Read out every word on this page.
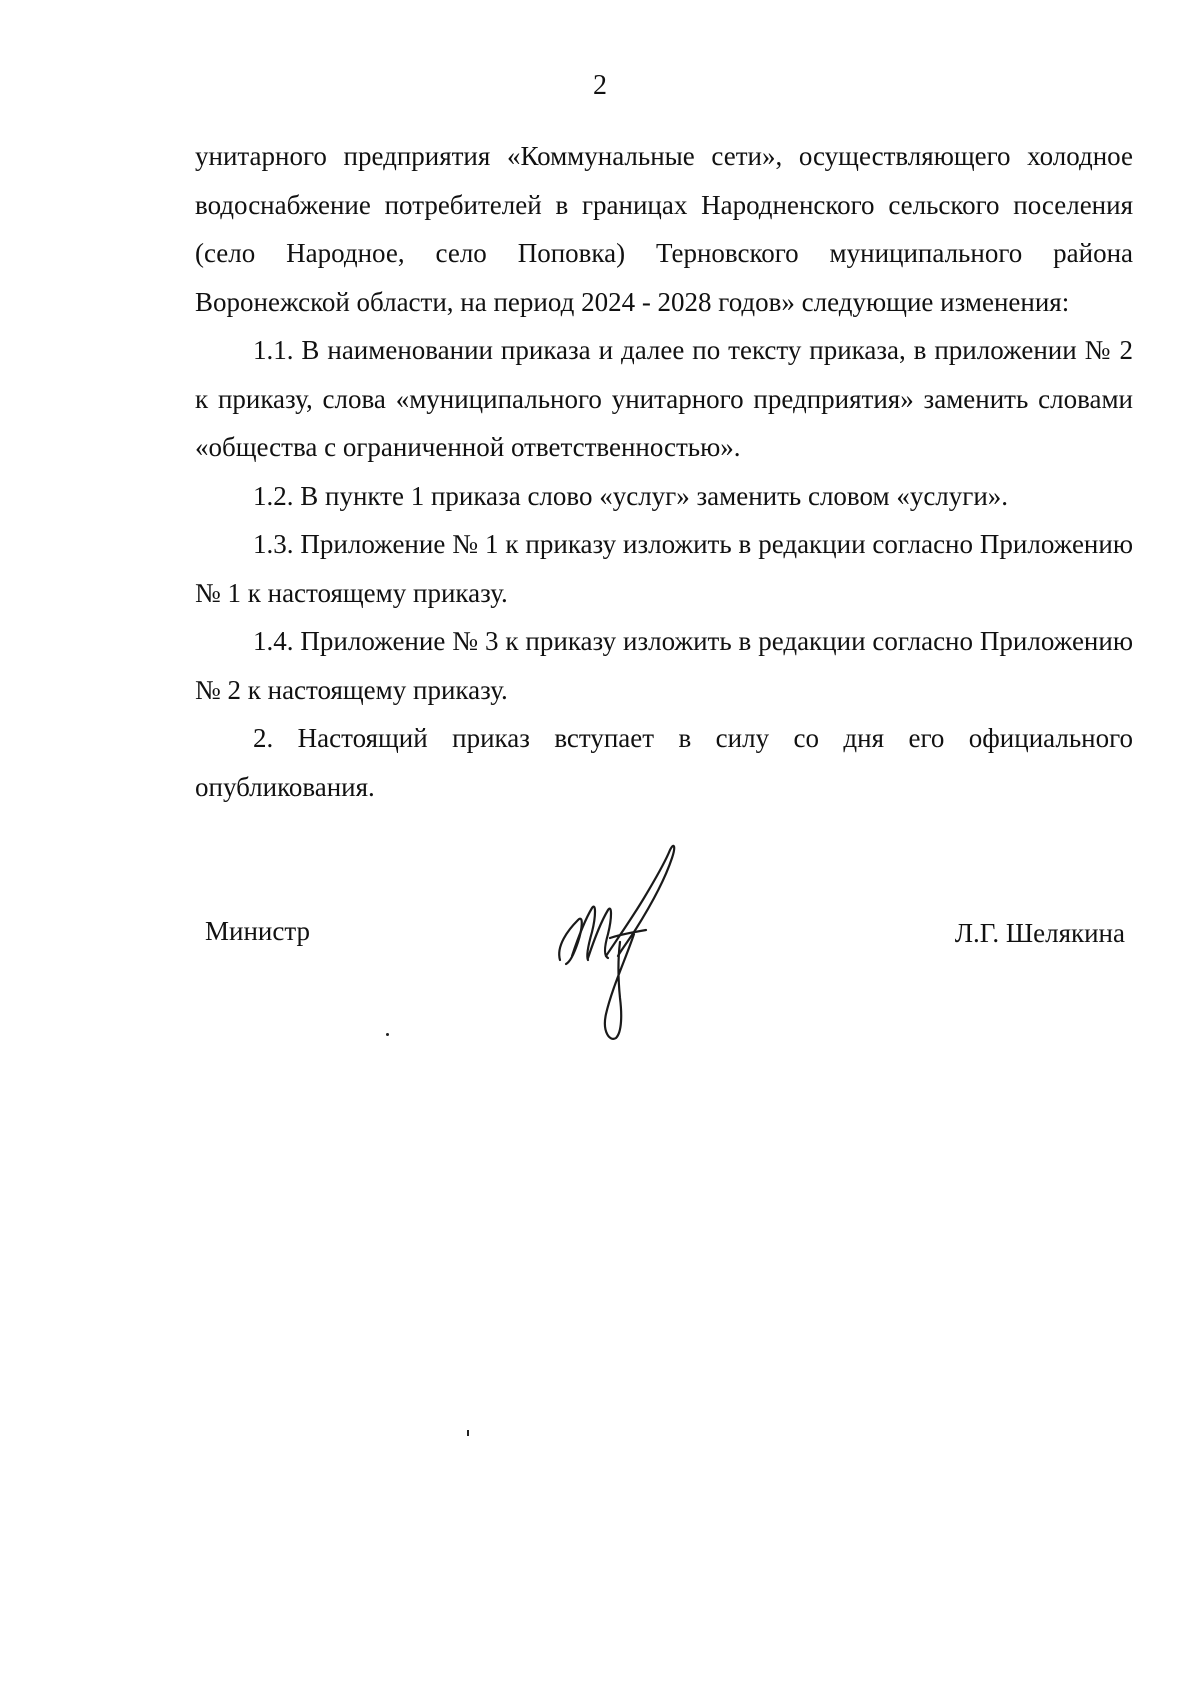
2

унитарного предприятия «Коммунальные сети», осуществляющего холодное водоснабжение потребителей в границах Народненского сельского поселения (село Народное, село Поповка) Терновского муниципального района Воронежской области, на период 2024 - 2028 годов» следующие изменения:

1.1. В наименовании приказа и далее по тексту приказа, в приложении № 2 к приказу, слова «муниципального унитарного предприятия» заменить словами «общества с ограниченной ответственностью».

1.2. В пункте 1 приказа слово «услуг» заменить словом «услуги».

1.3. Приложение № 1 к приказу изложить в редакции согласно Приложению № 1 к настоящему приказу.

1.4. Приложение № 3 к приказу изложить в редакции согласно Приложению № 2 к настоящему приказу.

2. Настоящий приказ вступает в силу со дня его официального опубликования.

Министр	Л.Г. Шелякина
